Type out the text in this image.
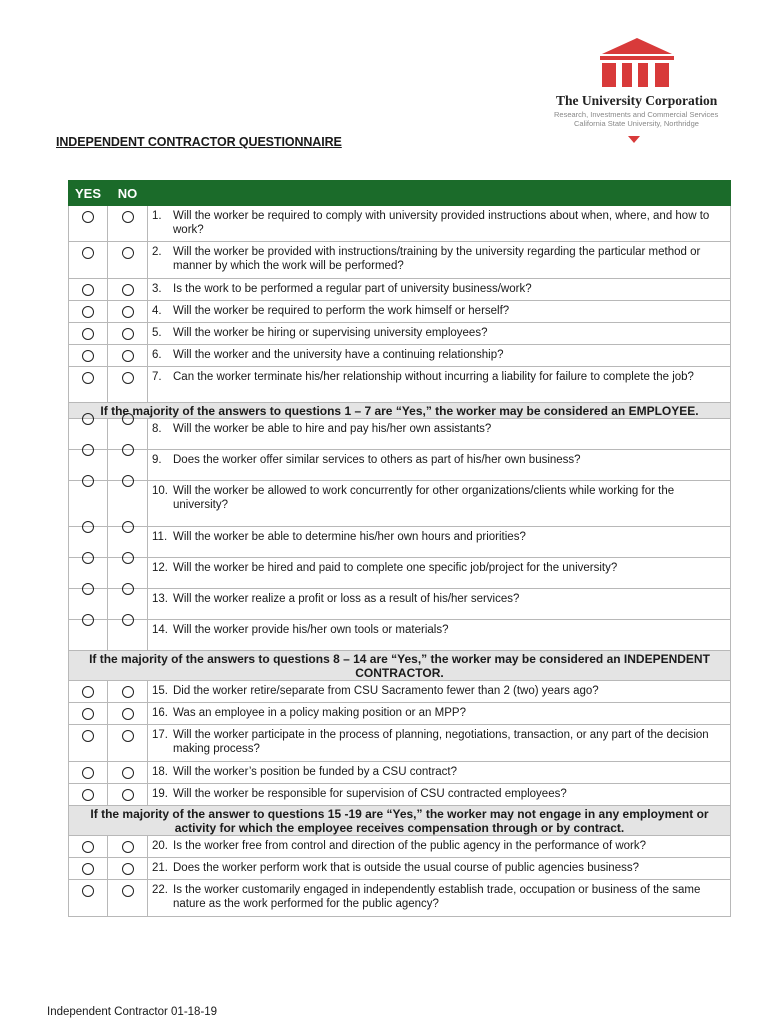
The University Corporation
Research, Investments and Commercial Services
California State University, Northridge
INDEPENDENT CONTRACTOR QUESTIONNAIRE
YES	NO	

		1. Will the worker be required to comply with university provided instructions about when, where, and how to work?

		2. Will the worker be provided with instructions/training by the university regarding the particular method or manner by which the work will be performed?

		3. Is the work to be performed a regular part of university business/work?

		4. Will the worker be required to perform the work himself or herself?

		5. Will the worker be hiring or supervising university employees?

		6. Will the worker and the university have a continuing relationship?

		7. Can the worker terminate his/her relationship without incurring a liability for failure to complete the job?

If the majority of the answers to questions 1 – 7 are “Yes,” the worker may be considered an EMPLOYEE.		

		8. Will the worker be able to hire and pay his/her own assistants?

		9. Does the worker offer similar services to others as part of his/her own business?

		10. Will the worker be allowed to work concurrently for other organizations/clients while working for the university?

		11. Will the worker be able to determine his/her own hours and priorities?

		12. Will the worker be hired and paid to complete one specific job/project for the university?

		13. Will the worker realize a profit or loss as a result of his/her services?

		14. Will the worker provide his/her own tools or materials?

If the majority of the answers to questions 8 – 14 are “Yes,” the worker may be considered an INDEPENDENT CONTRACTOR.		

		15. Did the worker retire/separate from CSU Sacramento fewer than 2 (two) years ago?

		16. Was an employee in a policy making position or an MPP?

		17. Will the worker participate in the process of planning, negotiations, transaction, or any part of the decision making process?

		18. Will the worker’s position be funded by a CSU contract?

		19. Will the worker be responsible for supervision of CSU contracted employees?

If the majority of the answer to questions 15 -19 are “Yes,” the worker may not engage in any employment or activity for which the employee receives compensation through or by contract.		

		20. Is the worker free from control and direction of the public agency in the performance of work?

		21. Does the worker perform work that is outside the usual course of public agencies business?

		22. Is the worker customarily engaged in independently establish trade, occupation or business of the same nature as the work performed for the public agency?
Independent Contractor 01-18-19
